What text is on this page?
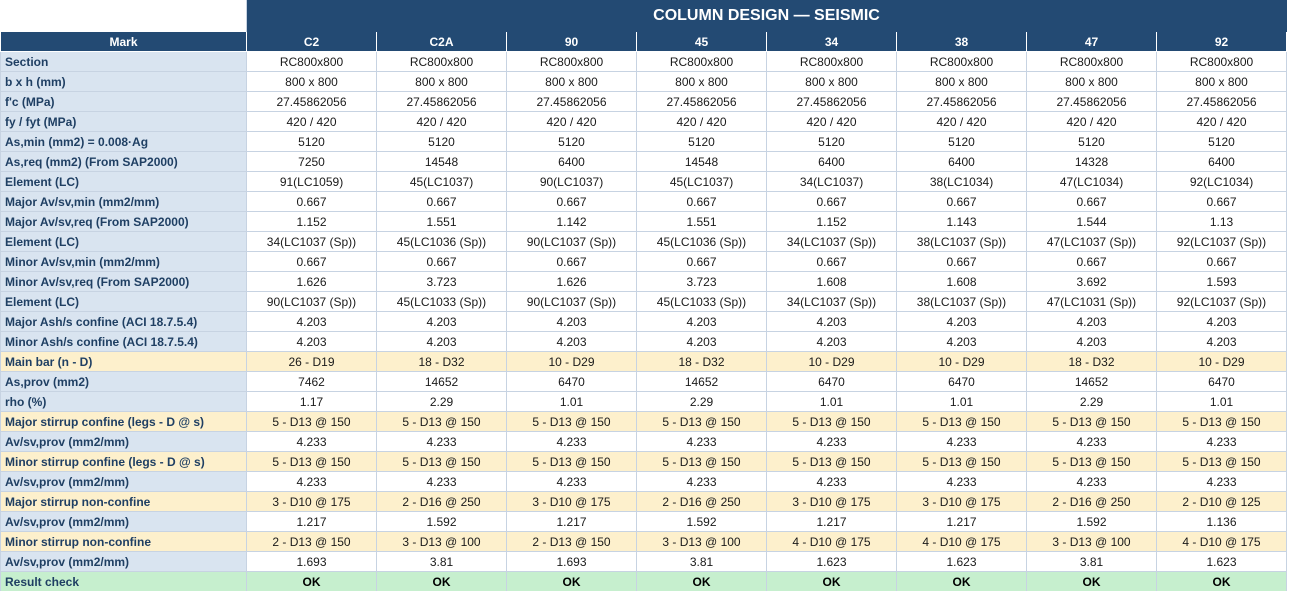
	COLUMN DESIGN — SEISMIC							
Mark	C2	C2A	90	45	34	38	47	92
Section	RC800x800	RC800x800	RC800x800	RC800x800	RC800x800	RC800x800	RC800x800	RC800x800
b x h (mm)	800 x 800	800 x 800	800 x 800	800 x 800	800 x 800	800 x 800	800 x 800	800 x 800
f'c (MPa)	27.45862056	27.45862056	27.45862056	27.45862056	27.45862056	27.45862056	27.45862056	27.45862056
fy / fyt (MPa)	420 / 420	420 / 420	420 / 420	420 / 420	420 / 420	420 / 420	420 / 420	420 / 420
As,min (mm2) = 0.008·Ag	5120	5120	5120	5120	5120	5120	5120	5120
As,req (mm2) (From SAP2000)	7250	14548	6400	14548	6400	6400	14328	6400
Element (LC)	91(LC1059)	45(LC1037)	90(LC1037)	45(LC1037)	34(LC1037)	38(LC1034)	47(LC1034)	92(LC1034)
Major Av/sv,min (mm2/mm)	0.667	0.667	0.667	0.667	0.667	0.667	0.667	0.667
Major Av/sv,req (From SAP2000)	1.152	1.551	1.142	1.551	1.152	1.143	1.544	1.13
Element (LC)	34(LC1037 (Sp))	45(LC1036 (Sp))	90(LC1037 (Sp))	45(LC1036 (Sp))	34(LC1037 (Sp))	38(LC1037 (Sp))	47(LC1037 (Sp))	92(LC1037 (Sp))
Minor Av/sv,min (mm2/mm)	0.667	0.667	0.667	0.667	0.667	0.667	0.667	0.667
Minor Av/sv,req (From SAP2000)	1.626	3.723	1.626	3.723	1.608	1.608	3.692	1.593
Element (LC)	90(LC1037 (Sp))	45(LC1033 (Sp))	90(LC1037 (Sp))	45(LC1033 (Sp))	34(LC1037 (Sp))	38(LC1037 (Sp))	47(LC1031 (Sp))	92(LC1037 (Sp))
Major Ash/s confine (ACI 18.7.5.4)	4.203	4.203	4.203	4.203	4.203	4.203	4.203	4.203
Minor Ash/s confine (ACI 18.7.5.4)	4.203	4.203	4.203	4.203	4.203	4.203	4.203	4.203
Main bar (n - D)	26 - D19	18 - D32	10 - D29	18 - D32	10 - D29	10 - D29	18 - D32	10 - D29
As,prov (mm2)	7462	14652	6470	14652	6470	6470	14652	6470
rho (%)	1.17	2.29	1.01	2.29	1.01	1.01	2.29	1.01
Major stirrup confine (legs - D @ s)	5 - D13 @ 150	5 - D13 @ 150	5 - D13 @ 150	5 - D13 @ 150	5 - D13 @ 150	5 - D13 @ 150	5 - D13 @ 150	5 - D13 @ 150
Av/sv,prov (mm2/mm)	4.233	4.233	4.233	4.233	4.233	4.233	4.233	4.233
Minor stirrup confine (legs - D @ s)	5 - D13 @ 150	5 - D13 @ 150	5 - D13 @ 150	5 - D13 @ 150	5 - D13 @ 150	5 - D13 @ 150	5 - D13 @ 150	5 - D13 @ 150
Av/sv,prov (mm2/mm)	4.233	4.233	4.233	4.233	4.233	4.233	4.233	4.233
Major stirrup non-confine	3 - D10 @ 175	2 - D16 @ 250	3 - D10 @ 175	2 - D16 @ 250	3 - D10 @ 175	3 - D10 @ 175	2 - D16 @ 250	2 - D10 @ 125
Av/sv,prov (mm2/mm)	1.217	1.592	1.217	1.592	1.217	1.217	1.592	1.136
Minor stirrup non-confine	2 - D13 @ 150	3 - D13 @ 100	2 - D13 @ 150	3 - D13 @ 100	4 - D10 @ 175	4 - D10 @ 175	3 - D13 @ 100	4 - D10 @ 175
Av/sv,prov (mm2/mm)	1.693	3.81	1.693	3.81	1.623	1.623	3.81	1.623
Result check	OK	OK	OK	OK	OK	OK	OK	OK
